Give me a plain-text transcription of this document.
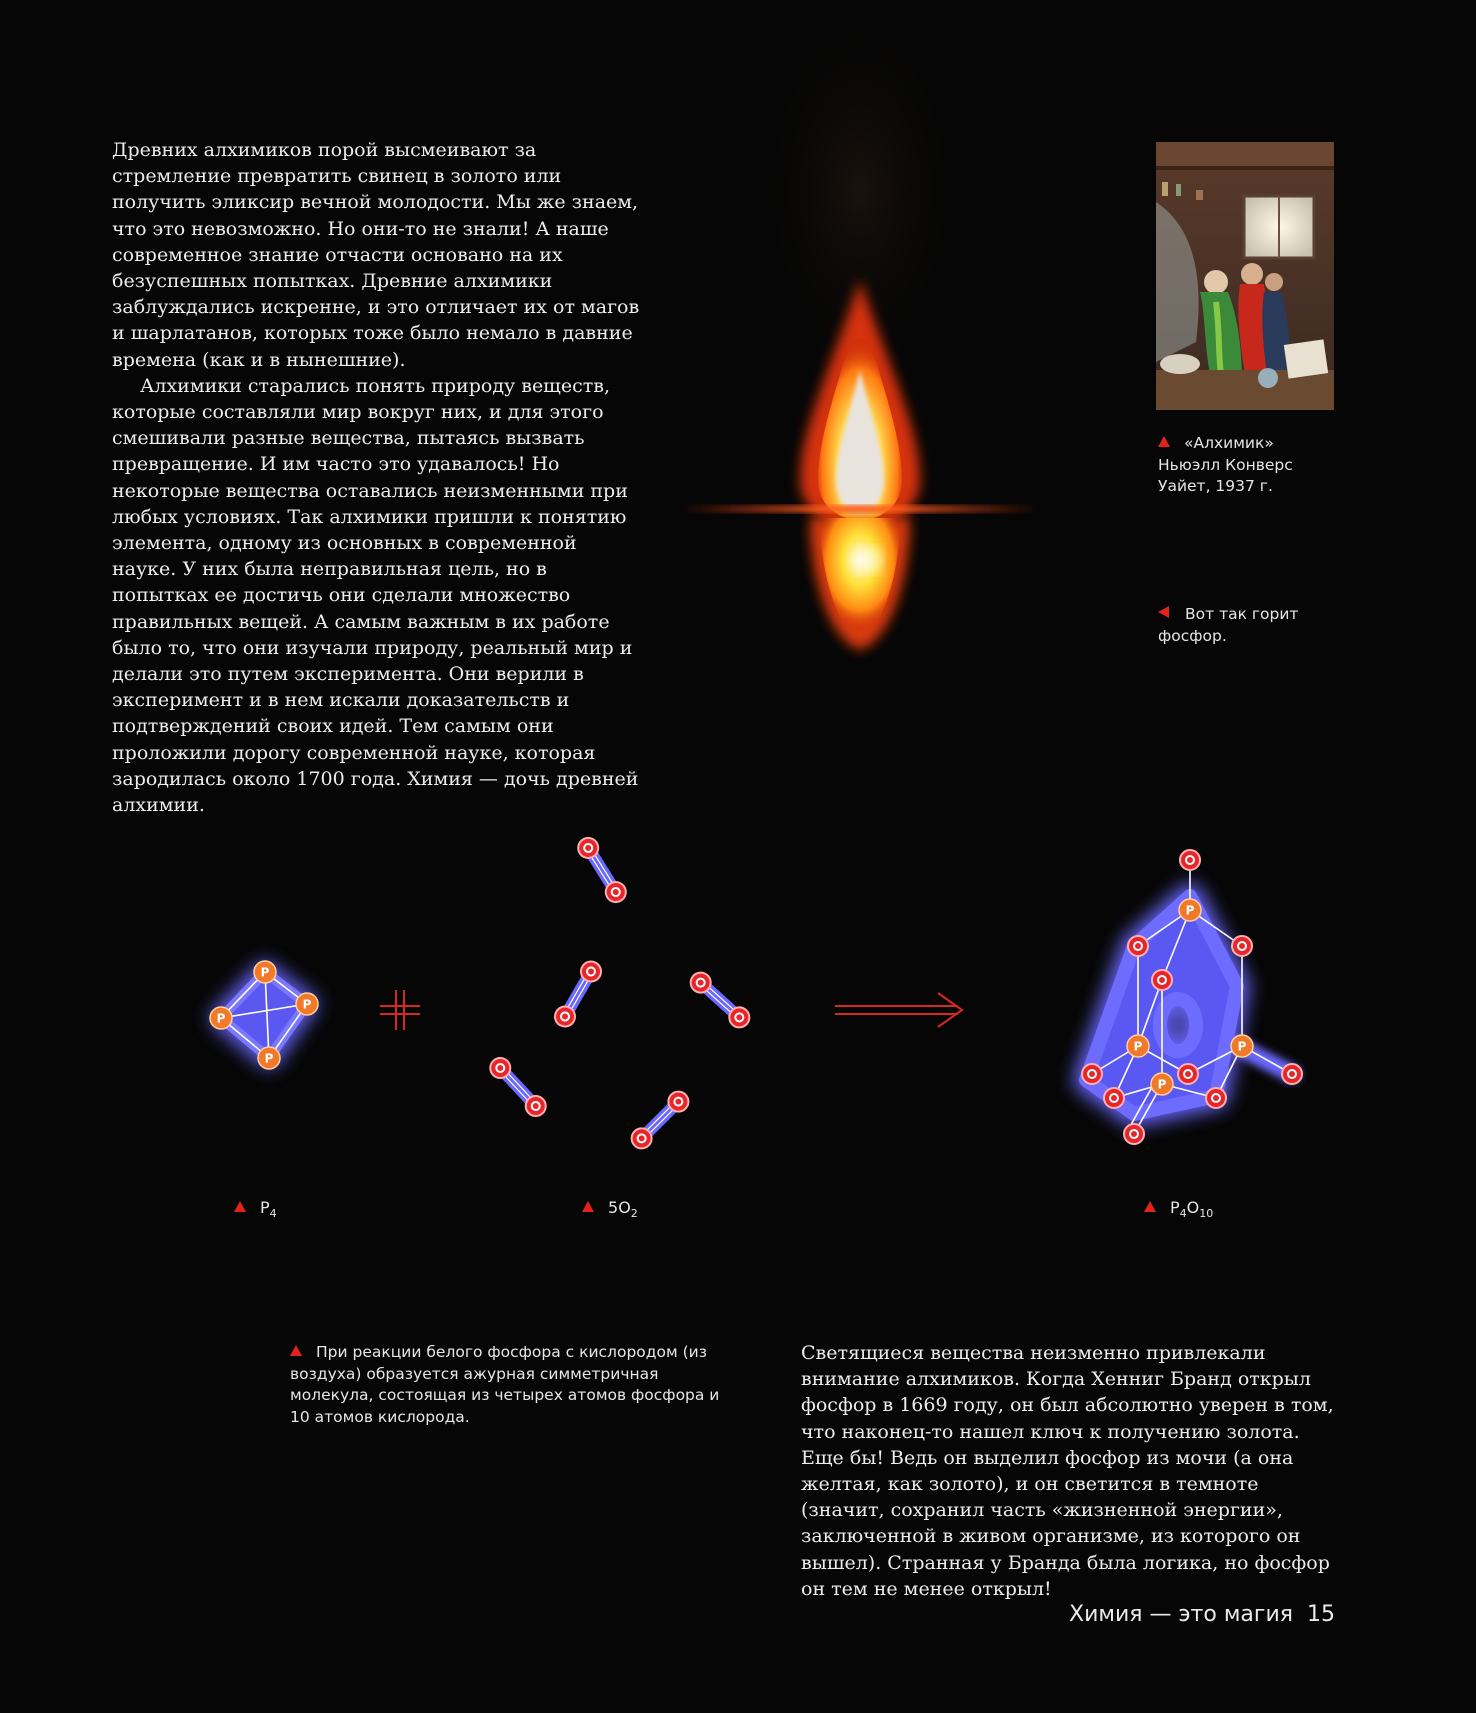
Древних алхимиков порой высмеивают за стремление превратить свинец в золото или получить эликсир вечной молодости. Мы же знаем, что это невозможно. Но они-то не знали! А наше современное знание отчасти основано на их безуспешных попытках. Древние алхимики заблуждались искренне, и это отличает их от магов и шарлатанов, которых тоже было немало в давние времена (как и в нынешние).

Алхимики старались понять природу веществ, которые составляли мир вокруг них, и для этого смешивали разные вещества, пытаясь вызвать превращение. И им часто это удавалось! Но некоторые вещества оставались неизменными при любых условиях. Так алхимики пришли к понятию элемента, одному из основных в современной науке. У них была неправильная цель, но в попытках ее достичь они сделали множество правильных вещей. А самым важным в их работе было то, что они изучали природу, реальный мир и делали это путем эксперимента. Они верили в эксперимент и в нем искали доказательств и подтверждений своих идей. Тем самым они проложили дорогу современной науке, которая зародилась около 1700 года. Химия — дочь древней алхимии.

«Алхимик»
Ньюэлл Конверс Уайет, 1937 г.
Вот так горит фосфор.
P
P
P
P
P
P	P
P
$P_4$	$5O_2$	$P_4O_{10}$
При реакции белого фосфора с кислородом (из воздуха) образуется ажурная симметричная молекула, состоящая из четырех атомов фосфора и 10 атомов кислорода.

Светящиеся вещества неизменно привлекали внимание алхимиков. Когда Хенниг Бранд открыл фосфор в 1669 году, он был абсолютно уверен в том, что наконец-то нашел ключ к получению золота. Еще бы! Ведь он выделил фосфор из мочи (а она желтая, как золото), и он светится в темноте (значит, сохранил часть «жизненной энергии», заключенной в живом организме, из которого он вышел). Странная у Бранда была логика, но фосфор он тем не менее открыл!

Химия — это магия 15
